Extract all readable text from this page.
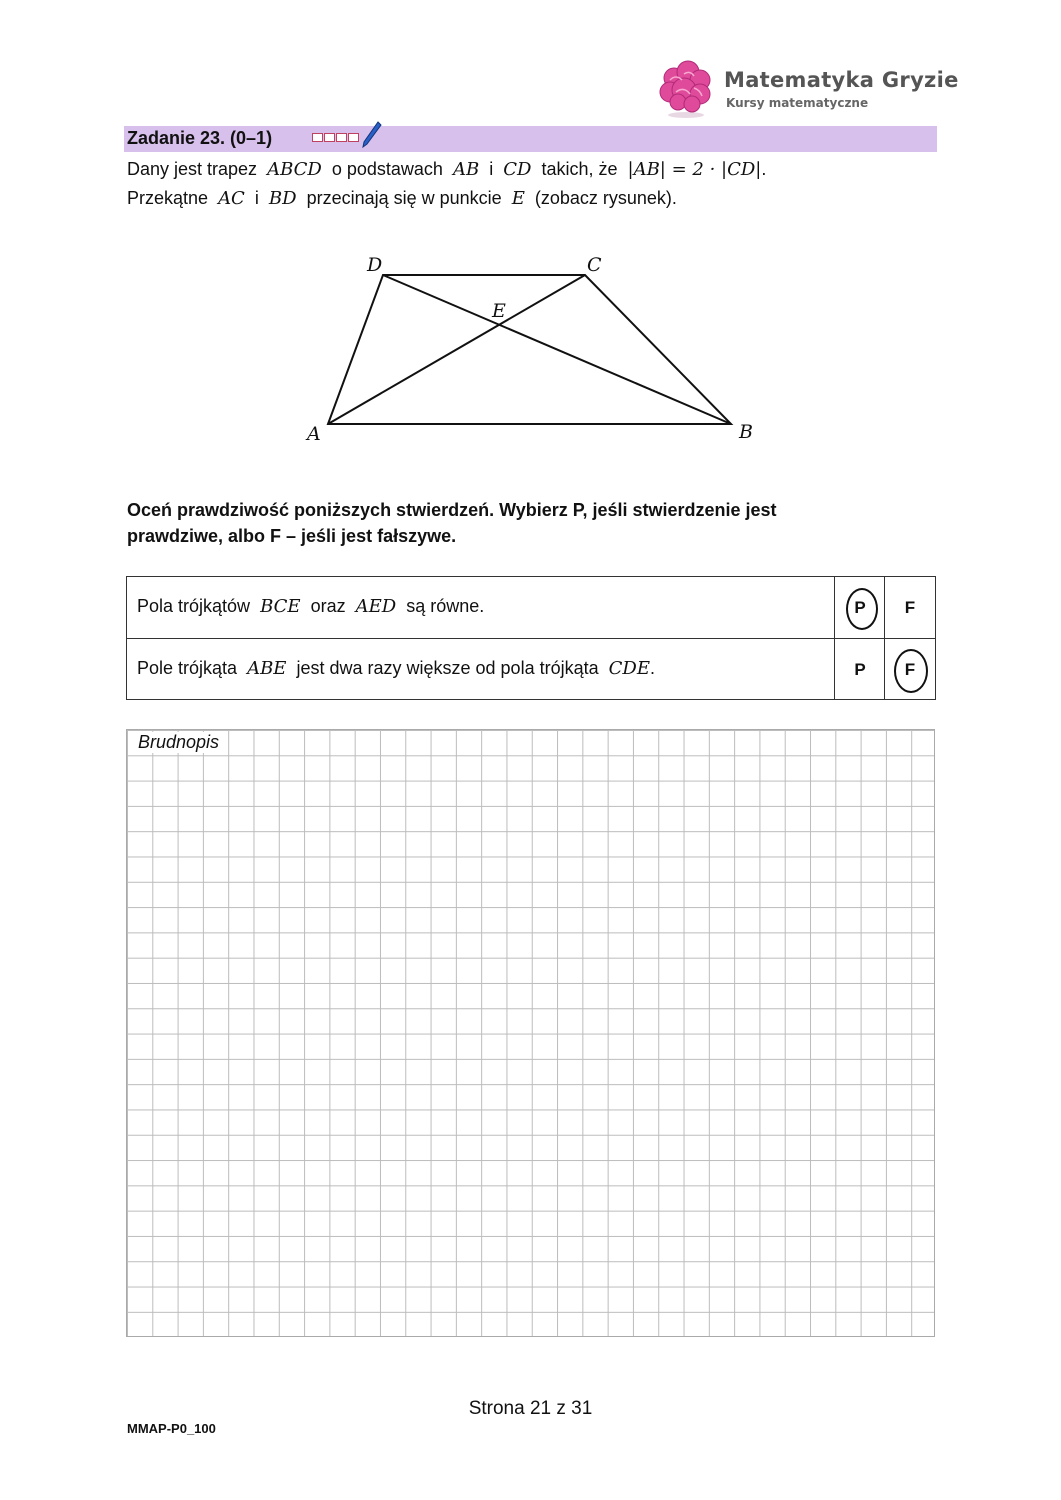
Matematyka Gryzie
Kursy matematyczne
Zadanie 23. (0–1)
Dany jest trapez ABCD o podstawach AB i CD takich, że |AB| = 2 · |CD|.
Przekątne AC i BD przecinają się w punkcie E (zobacz rysunek).
A	B
C
D
E
Oceń prawdziwość poniższych stwierdzeń. Wybierz P, jeśli stwierdzenie jest
prawdziwe, albo F – jeśli jest fałszywe.
Pola trójkątów BCE oraz AED są równe.	P	F
Pole trójkąta ABE jest dwa razy większe od pola trójkąta CDE.	P	F
Brudnopis
Strona 21 z 31
MMAP-P0_100
